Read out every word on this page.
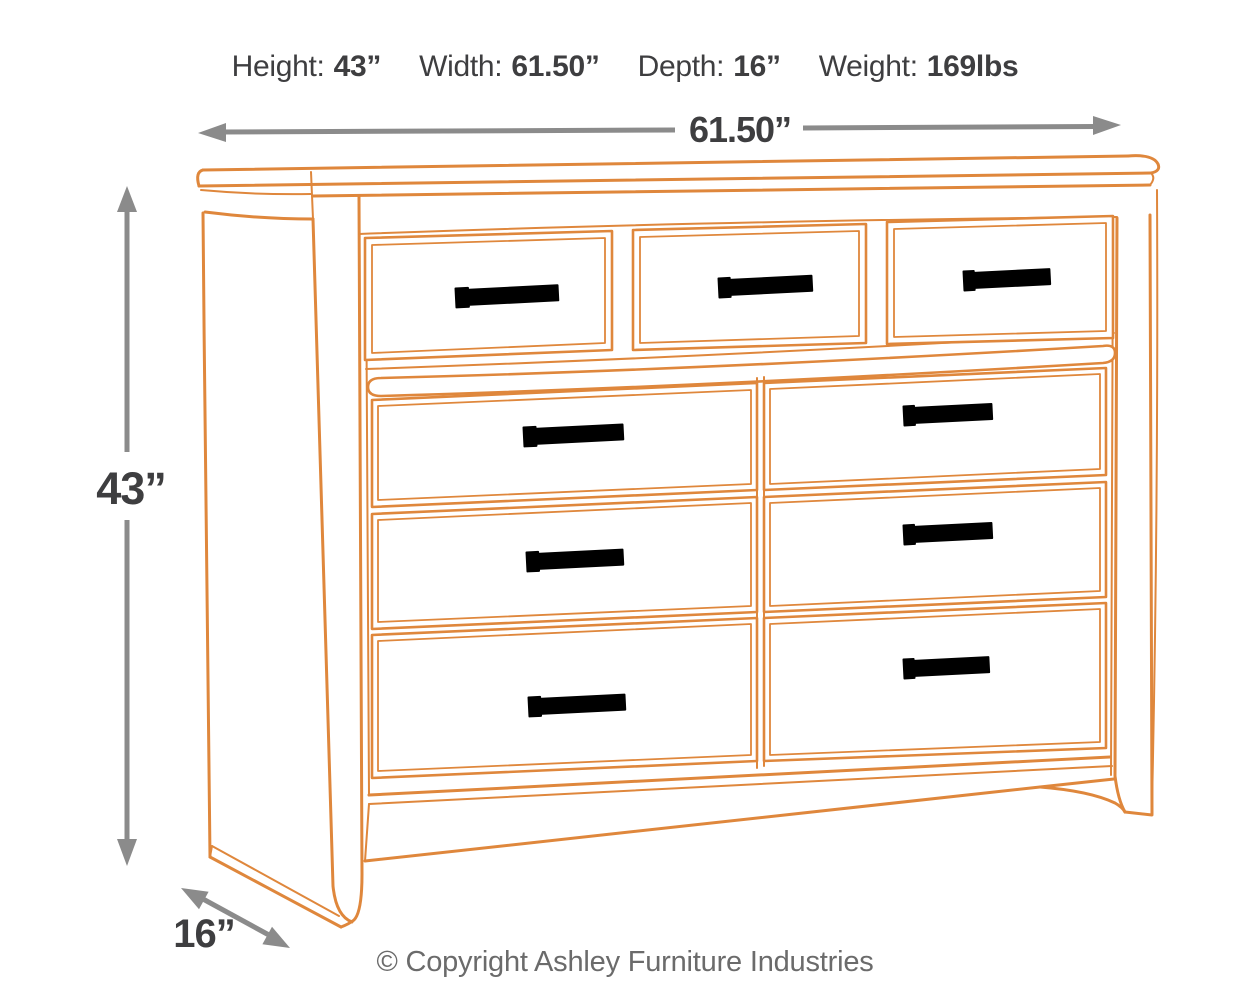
Height: 43” Width: 61.50” Depth: 16” Weight: 169lbs
61.50”
43”
16”
© Copyright Ashley Furniture Industries
